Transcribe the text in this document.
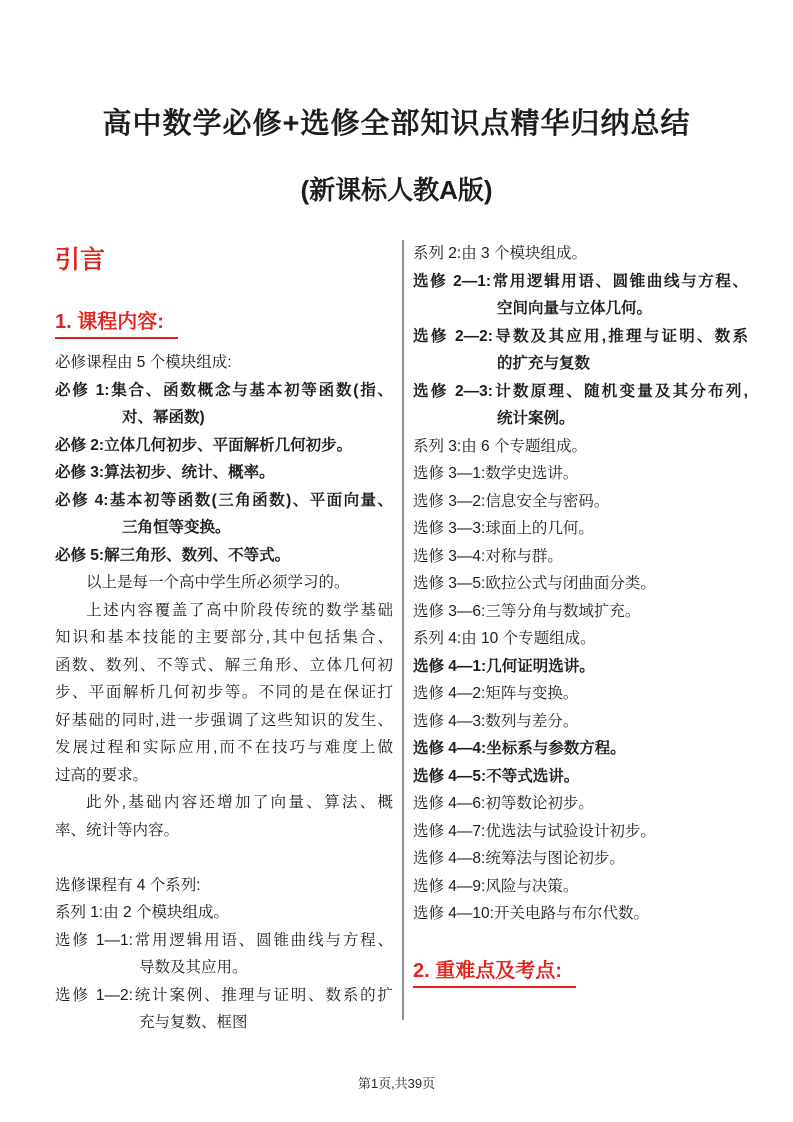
高中数学必修+选修全部知识点精华归纳总结
(新课标人教A版)
引言
1. 课程内容:

必修课程由 5 个模块组成:

必修 1:集合、函数概念与基本初等函数(指、

对、幂函数)

必修 2:立体几何初步、平面解析几何初步。

必修 3:算法初步、统计、概率。

必修 4:基本初等函数(三角函数)、平面向量、

三角恒等变换。

必修 5:解三角形、数列、不等式。

以上是每一个高中学生所必须学习的。

上述内容覆盖了高中阶段传统的数学基础

知识和基本技能的主要部分,其中包括集合、

函数、数列、不等式、解三角形、立体几何初

步、平面解析几何初步等。不同的是在保证打

好基础的同时,进一步强调了这些知识的发生、

发展过程和实际应用,而不在技巧与难度上做

过高的要求。

此外,基础内容还增加了向量、算法、概

率、统计等内容。

选修课程有 4 个系列:

系列 1:由 2 个模块组成。

选修 1—1:常用逻辑用语、圆锥曲线与方程、

导数及其应用。

选修 1—2:统计案例、推理与证明、数系的扩

充与复数、框图

系列 2:由 3 个模块组成。

选修 2—1:常用逻辑用语、圆锥曲线与方程、

空间向量与立体几何。

选修 2—2:导数及其应用,推理与证明、数系

的扩充与复数

选修 2—3:计数原理、随机变量及其分布列,

统计案例。

系列 3:由 6 个专题组成。

选修 3—1:数学史选讲。

选修 3—2:信息安全与密码。

选修 3—3:球面上的几何。

选修 3—4:对称与群。

选修 3—5:欧拉公式与闭曲面分类。

选修 3—6:三等分角与数域扩充。

系列 4:由 10 个专题组成。

选修 4—1:几何证明选讲。

选修 4—2:矩阵与变换。

选修 4—3:数列与差分。

选修 4—4:坐标系与参数方程。

选修 4—5:不等式选讲。

选修 4—6:初等数论初步。

选修 4—7:优选法与试验设计初步。

选修 4—8:统筹法与图论初步。

选修 4—9:风险与决策。

选修 4—10:开关电路与布尔代数。

2. 重难点及考点:
第1页,共39页
